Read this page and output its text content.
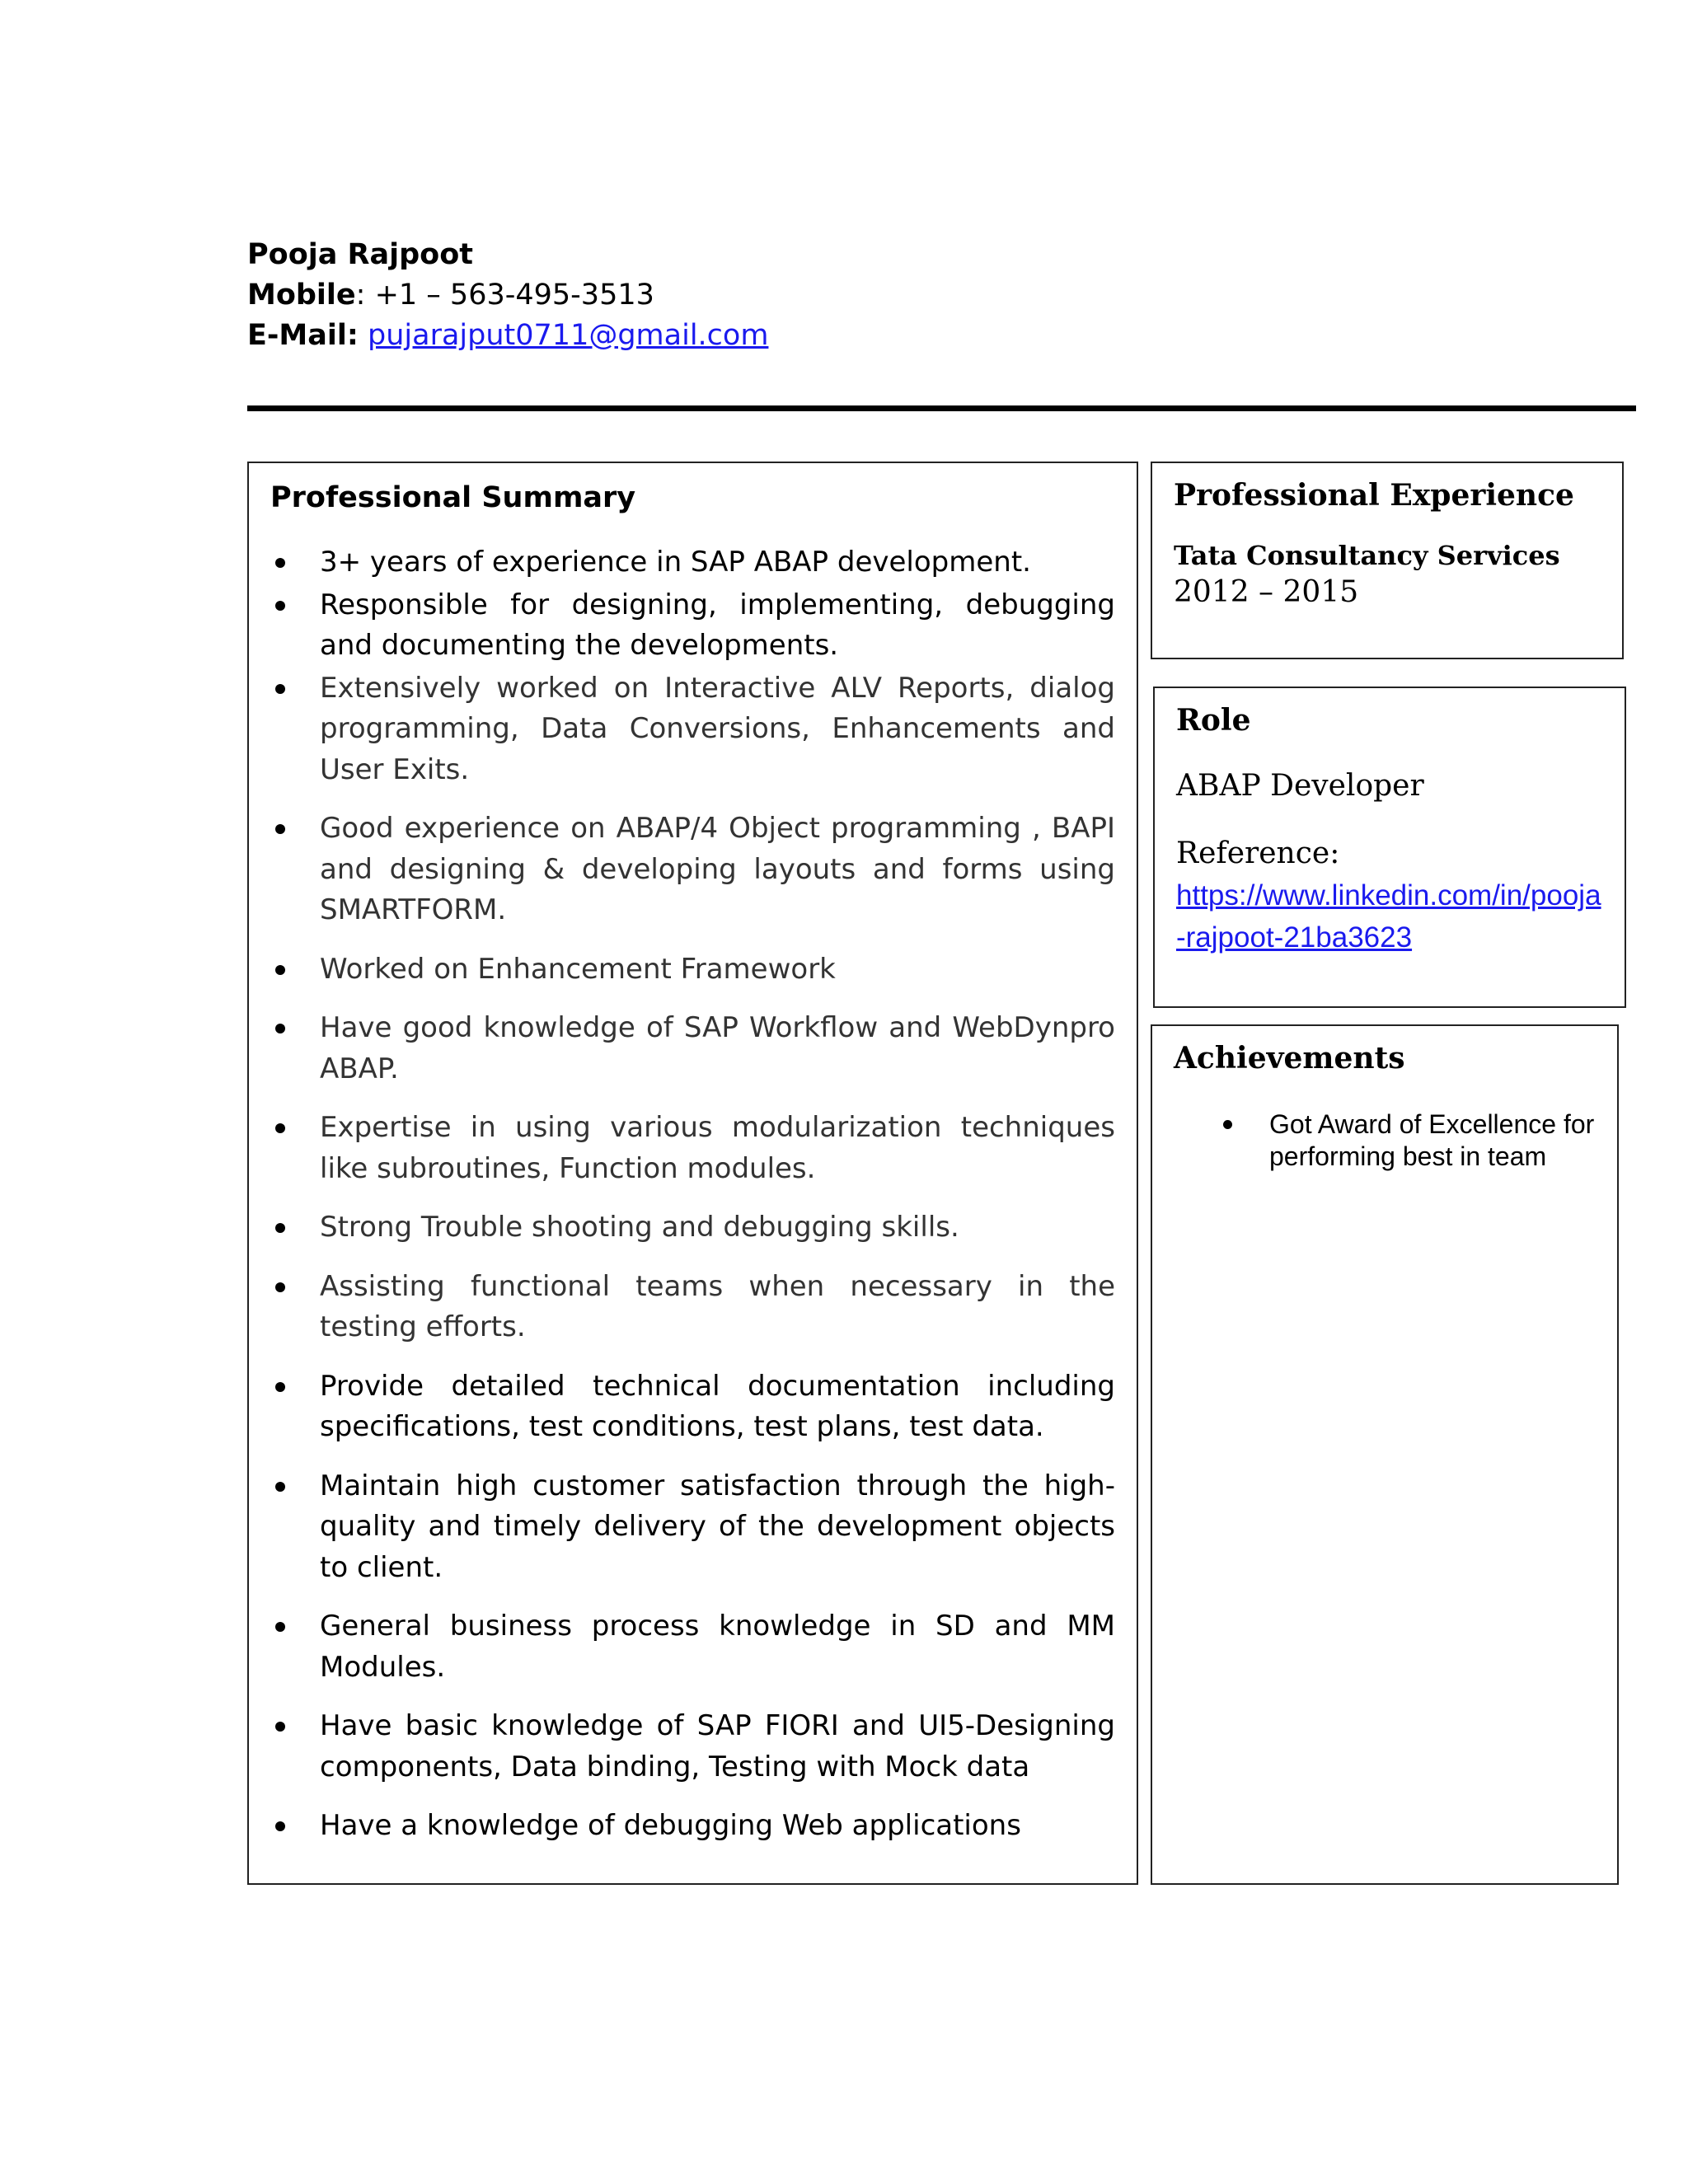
Pooja Rajpoot
Mobile: +1 – 563-495-3513
E-Mail: pujarajput0711@gmail.com
Professional Summary
3+ years of experience in SAP ABAP development.
Responsible for designing, implementing, debugging and documenting the developments.
Extensively worked on Interactive ALV Reports, dialog programming, Data Conversions, Enhancements and User Exits.
Good experience on ABAP/4 Object programming , BAPI and designing & developing layouts and forms using SMARTFORM.
Worked on Enhancement Framework
Have good knowledge of SAP Workflow and WebDynpro ABAP.
Expertise in using various modularization techniques like subroutines, Function modules.
Strong Trouble shooting and debugging skills.
Assisting functional teams when necessary in the testing efforts.
Provide detailed technical documentation including specifications, test conditions, test plans, test data.
Maintain high customer satisfaction through the high-quality and timely delivery of the development objects to client.
General business process knowledge in SD and MM Modules.
Have basic knowledge of SAP FIORI and UI5-Designing components, Data binding, Testing with Mock data
Have a knowledge of debugging Web applications
Professional Experience
Tata Consultancy Services
2012 – 2015
Role
ABAP Developer
Reference:
https://www.linkedin.com/in/pooja-rajpoot-21ba3623
Achievements
Got Award of Excellence for performing best in team
